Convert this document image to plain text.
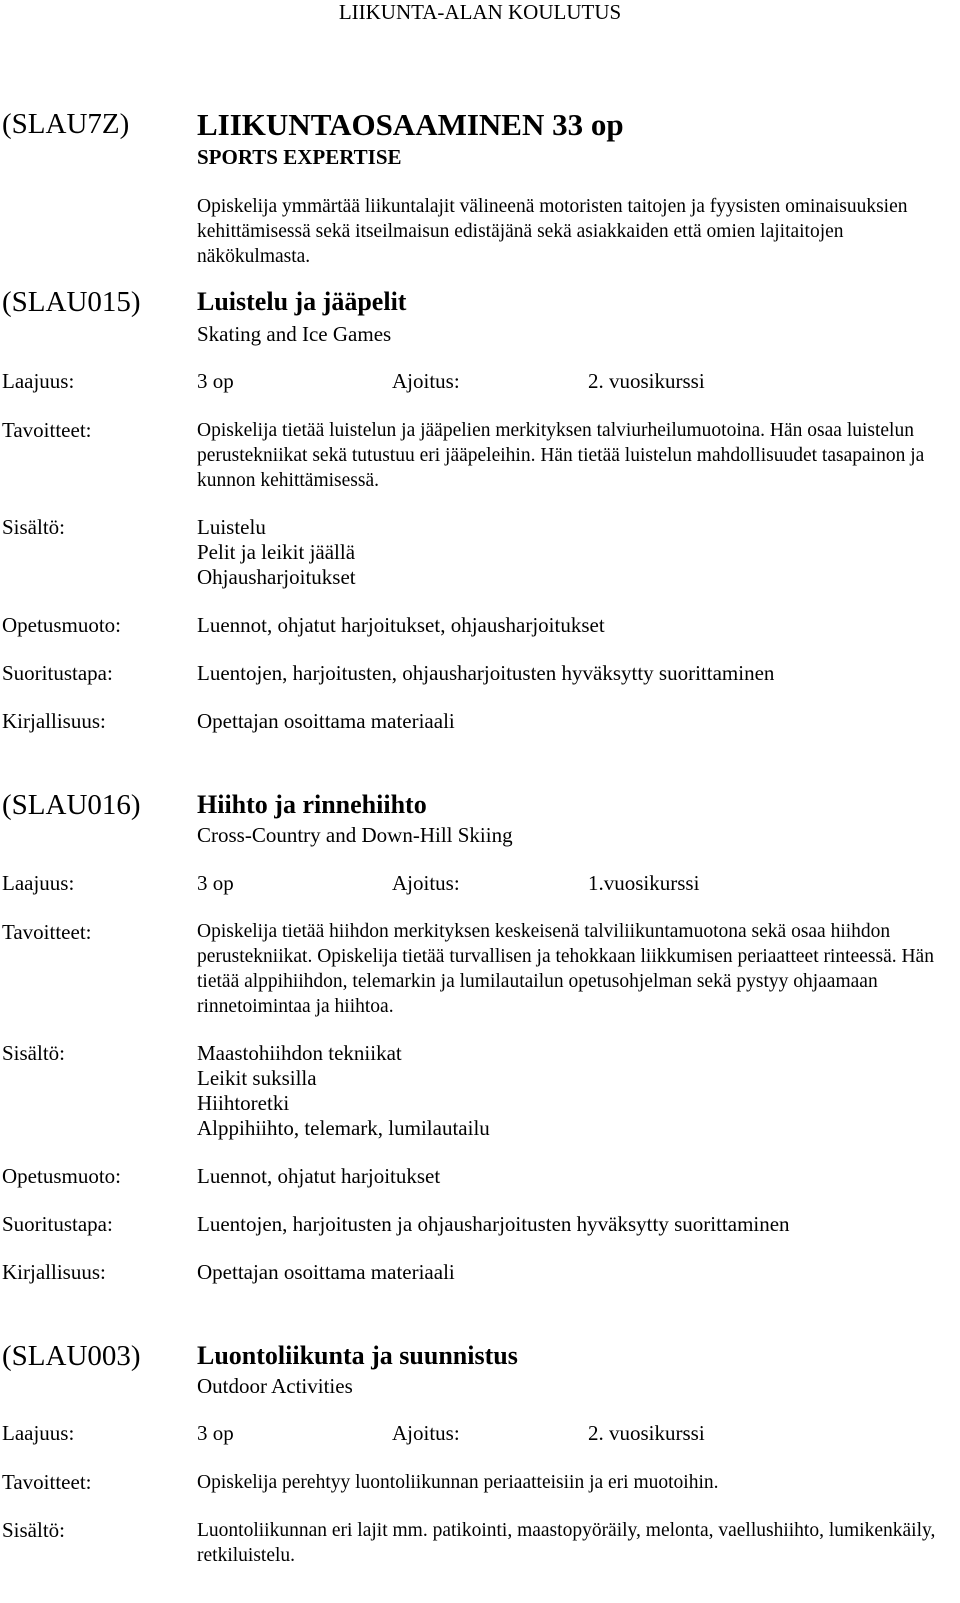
LIIKUNTA-ALAN KOULUTUS
(SLAU7Z) LIIKUNTAOSAAMINEN 33 op
SPORTS EXPERTISE
Opiskelija ymmärtää liikuntalajit välineenä motoristen taitojen ja fyysisten ominaisuuksien kehittämisessä sekä itseilmaisun edistäjänä sekä asiakkaiden että omien lajitaitojen näkökulmasta.
(SLAU015) Luistelu ja jääpelit
Skating and Ice Games
Laajuus:	3 op	Ajoitus:	2. vuosikurssi
Tavoitteet:	Opiskelija tietää luistelun ja jääpelien merkityksen talviurheilumuotoina. Hän osaa luistelun perustekniikat sekä tutustuu eri jääpeleihin. Hän tietää luistelun mahdollisuudet tasapainon ja kunnon kehittämisessä.
Sisältö:	Luistelu
Pelit ja leikit jäällä
Ohjausharjoitukset
Opetusmuoto:	Luennot, ohjatut harjoitukset, ohjausharjoitukset
Suoritustapa:	Luentojen, harjoitusten, ohjausharjoitusten hyväksytty suorittaminen
Kirjallisuus:	Opettajan osoittama materiaali
(SLAU016) Hiihto ja rinnehiihto
Cross-Country and Down-Hill Skiing
Laajuus:	3 op	Ajoitus:	1.vuosikurssi
Tavoitteet:	Opiskelija tietää hiihdon merkityksen keskeisenä talviliikuntamuotona sekä osaa hiihdon perustekniikat. Opiskelija tietää turvallisen ja tehokkaan liikkumisen periaatteet rinteessä. Hän tietää alppihiihdon, telemarkin ja lumilautailun opetusohjelman sekä pystyy ohjaamaan rinnetoimintaa ja hiihtoa.
Sisältö:	Maastohiihdon tekniikat
Leikit suksilla
Hiihtoretki
Alppihiihto, telemark, lumilautailu
Opetusmuoto:	Luennot, ohjatut harjoitukset
Suoritustapa:	Luentojen, harjoitusten ja ohjausharjoitusten hyväksytty suorittaminen
Kirjallisuus:	Opettajan osoittama materiaali
(SLAU003) Luontoliikunta ja suunnistus
Outdoor Activities
Laajuus:	3 op	Ajoitus:	2. vuosikurssi
Tavoitteet:	Opiskelija perehtyy luontoliikunnan periaatteisiin ja eri muotoihin.
Sisältö:	Luontoliikunnan eri lajit mm. patikointi, maastopyöräily, melonta, vaellushiihto, lumikenkäily, retkiluistelu.
